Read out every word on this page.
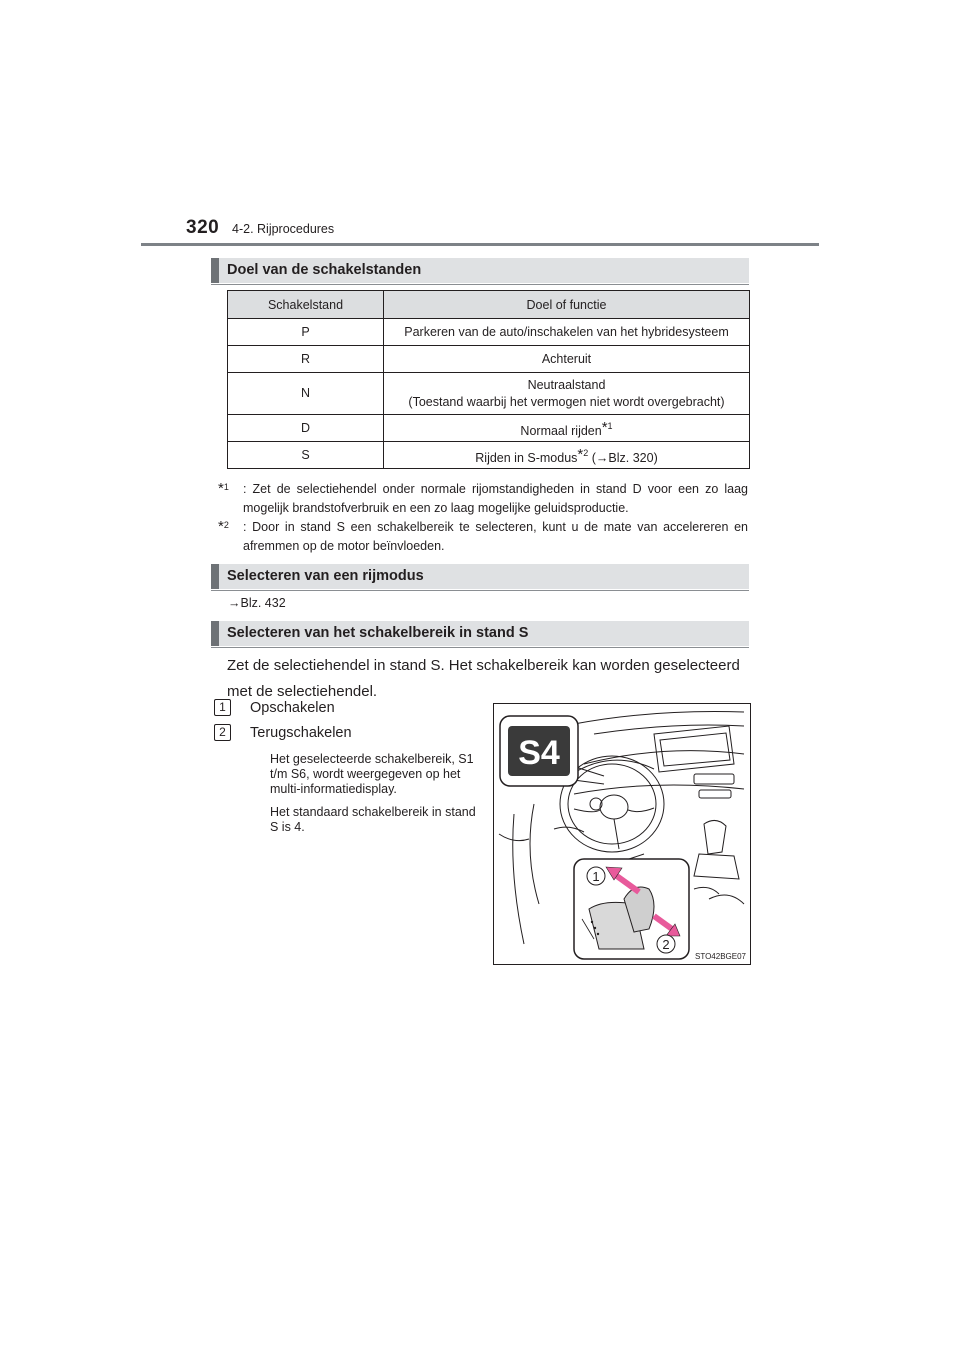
320 4-2. Rijprocedures
Doel van de schakelstanden
Schakelstand	Doel of functie
P	Parkeren van de auto/inschakelen van het hybridesysteem
R	Achteruit
N	Neutraalstand
(Toestand waarbij het vermogen niet wordt overgebracht)
D	Normaal rijden*$^1$
S	Rijden in S-modus*$^2$ (→Blz. 320)
*$^1$	: Zet de selectiehendel onder normale rijomstandigheden in stand D voor een zo laag mogelijk brandstofverbruik en een zo laag mogelijke geluidsproductie.
*$^2$	: Door in stand S een schakelbereik te selecteren, kunt u de mate van accelereren en afremmen op de motor beïnvloeden.
Selecteren van een rijmodus
→Blz. 432
Selecteren van het schakelbereik in stand S
Zet de selectiehendel in stand S. Het schakelbereik kan worden geselecteerd met de selectiehendel.
1 Opschakelen
2 Terugschakelen
Het geselecteerde schakelbereik, S1 t/m S6, wordt weergegeven op het multi-informatiedisplay.
Het standaard schakelbereik in stand S is 4.
S4
1
2
STO42BGE07
